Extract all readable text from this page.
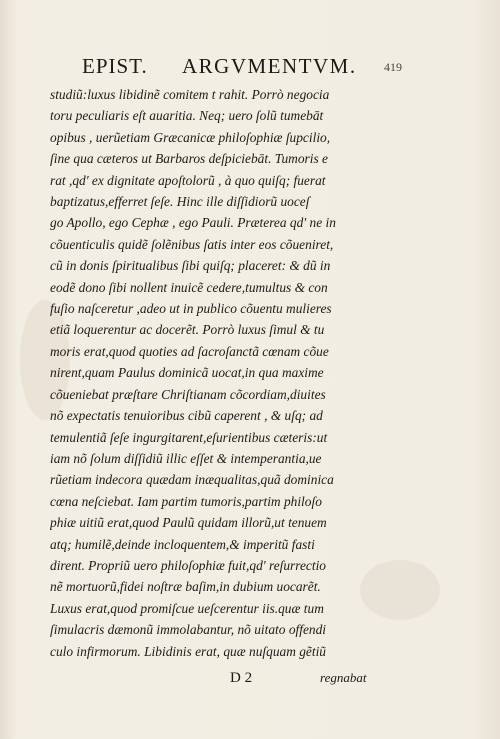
EPIST. ARGVMENTVM. 419
studiũ:luxus libidinẽ comitem t rahit. Porrò negocia
toru peculiaris eſt auaritia. Neq; uero ſolũ tumebāt
opibus , uerũetiam Græcanicæ philoſophiæ ſupcilio,
ſine qua cæteros ut Barbaros deſpiciebāt. Tumoris e
rat ,qd' ex dignitate apoſtolorũ , à quo quiſq; fuerat
baptizatus,efferret ſeſe. Hinc ille diſſidiorũ uoceſ
go Apollo, ego Cephæ , ego Pauli. Præterea qd' ne in
cõuenticulis quidẽ ſolẽnibus ſatis inter eos cõueniret,
cũ in donis ſpiritualibus ſibi quiſq; placeret: & dũ in
eodẽ dono ſibi nollent inuicẽ cedere,tumultus & con
fuſio naſceretur ,adeo ut in publico cõuentu mulieres
etiã loquerentur ac docerẽt. Porrò luxus ſimul & tu
moris erat,quod quoties ad ſacroſanctã cœnam cõue
nirent,quam Paulus dominicã uocat,in qua maxime
cõueniebat præſtare Chriſtianam cõcordiam,diuites
nõ expectatis tenuioribus cibũ caperent , & uſq; ad
temulentiã ſeſe ingurgitarent,eſurientibus cæteris:ut
iam nõ ſolum diſſidiũ illic eſſet & intemperantia,ue
rũetiam indecora quædam inæqualitas,quã dominica
cœna neſciebat. Iam partim tumoris,partim philoſo
phiæ uitiũ erat,quod Paulũ quidam illorũ,ut tenuem
atq; humilẽ,deinde incloquentem,& imperitũ fasti
dirent. Propriũ uero philoſophiæ fuit,qd' reſurrectio
nẽ mortuorũ,fidei noſtræ baſim,in dubium uocarẽt.
Luxus erat,quod promiſcue ueſcerentur iis.quæ tum
ſimulacris dæmonũ immolabantur, nõ uitato offendi
culo infirmorum. Libidinis erat, quæ nuſquam gẽtiũ
D 2	regnabat
